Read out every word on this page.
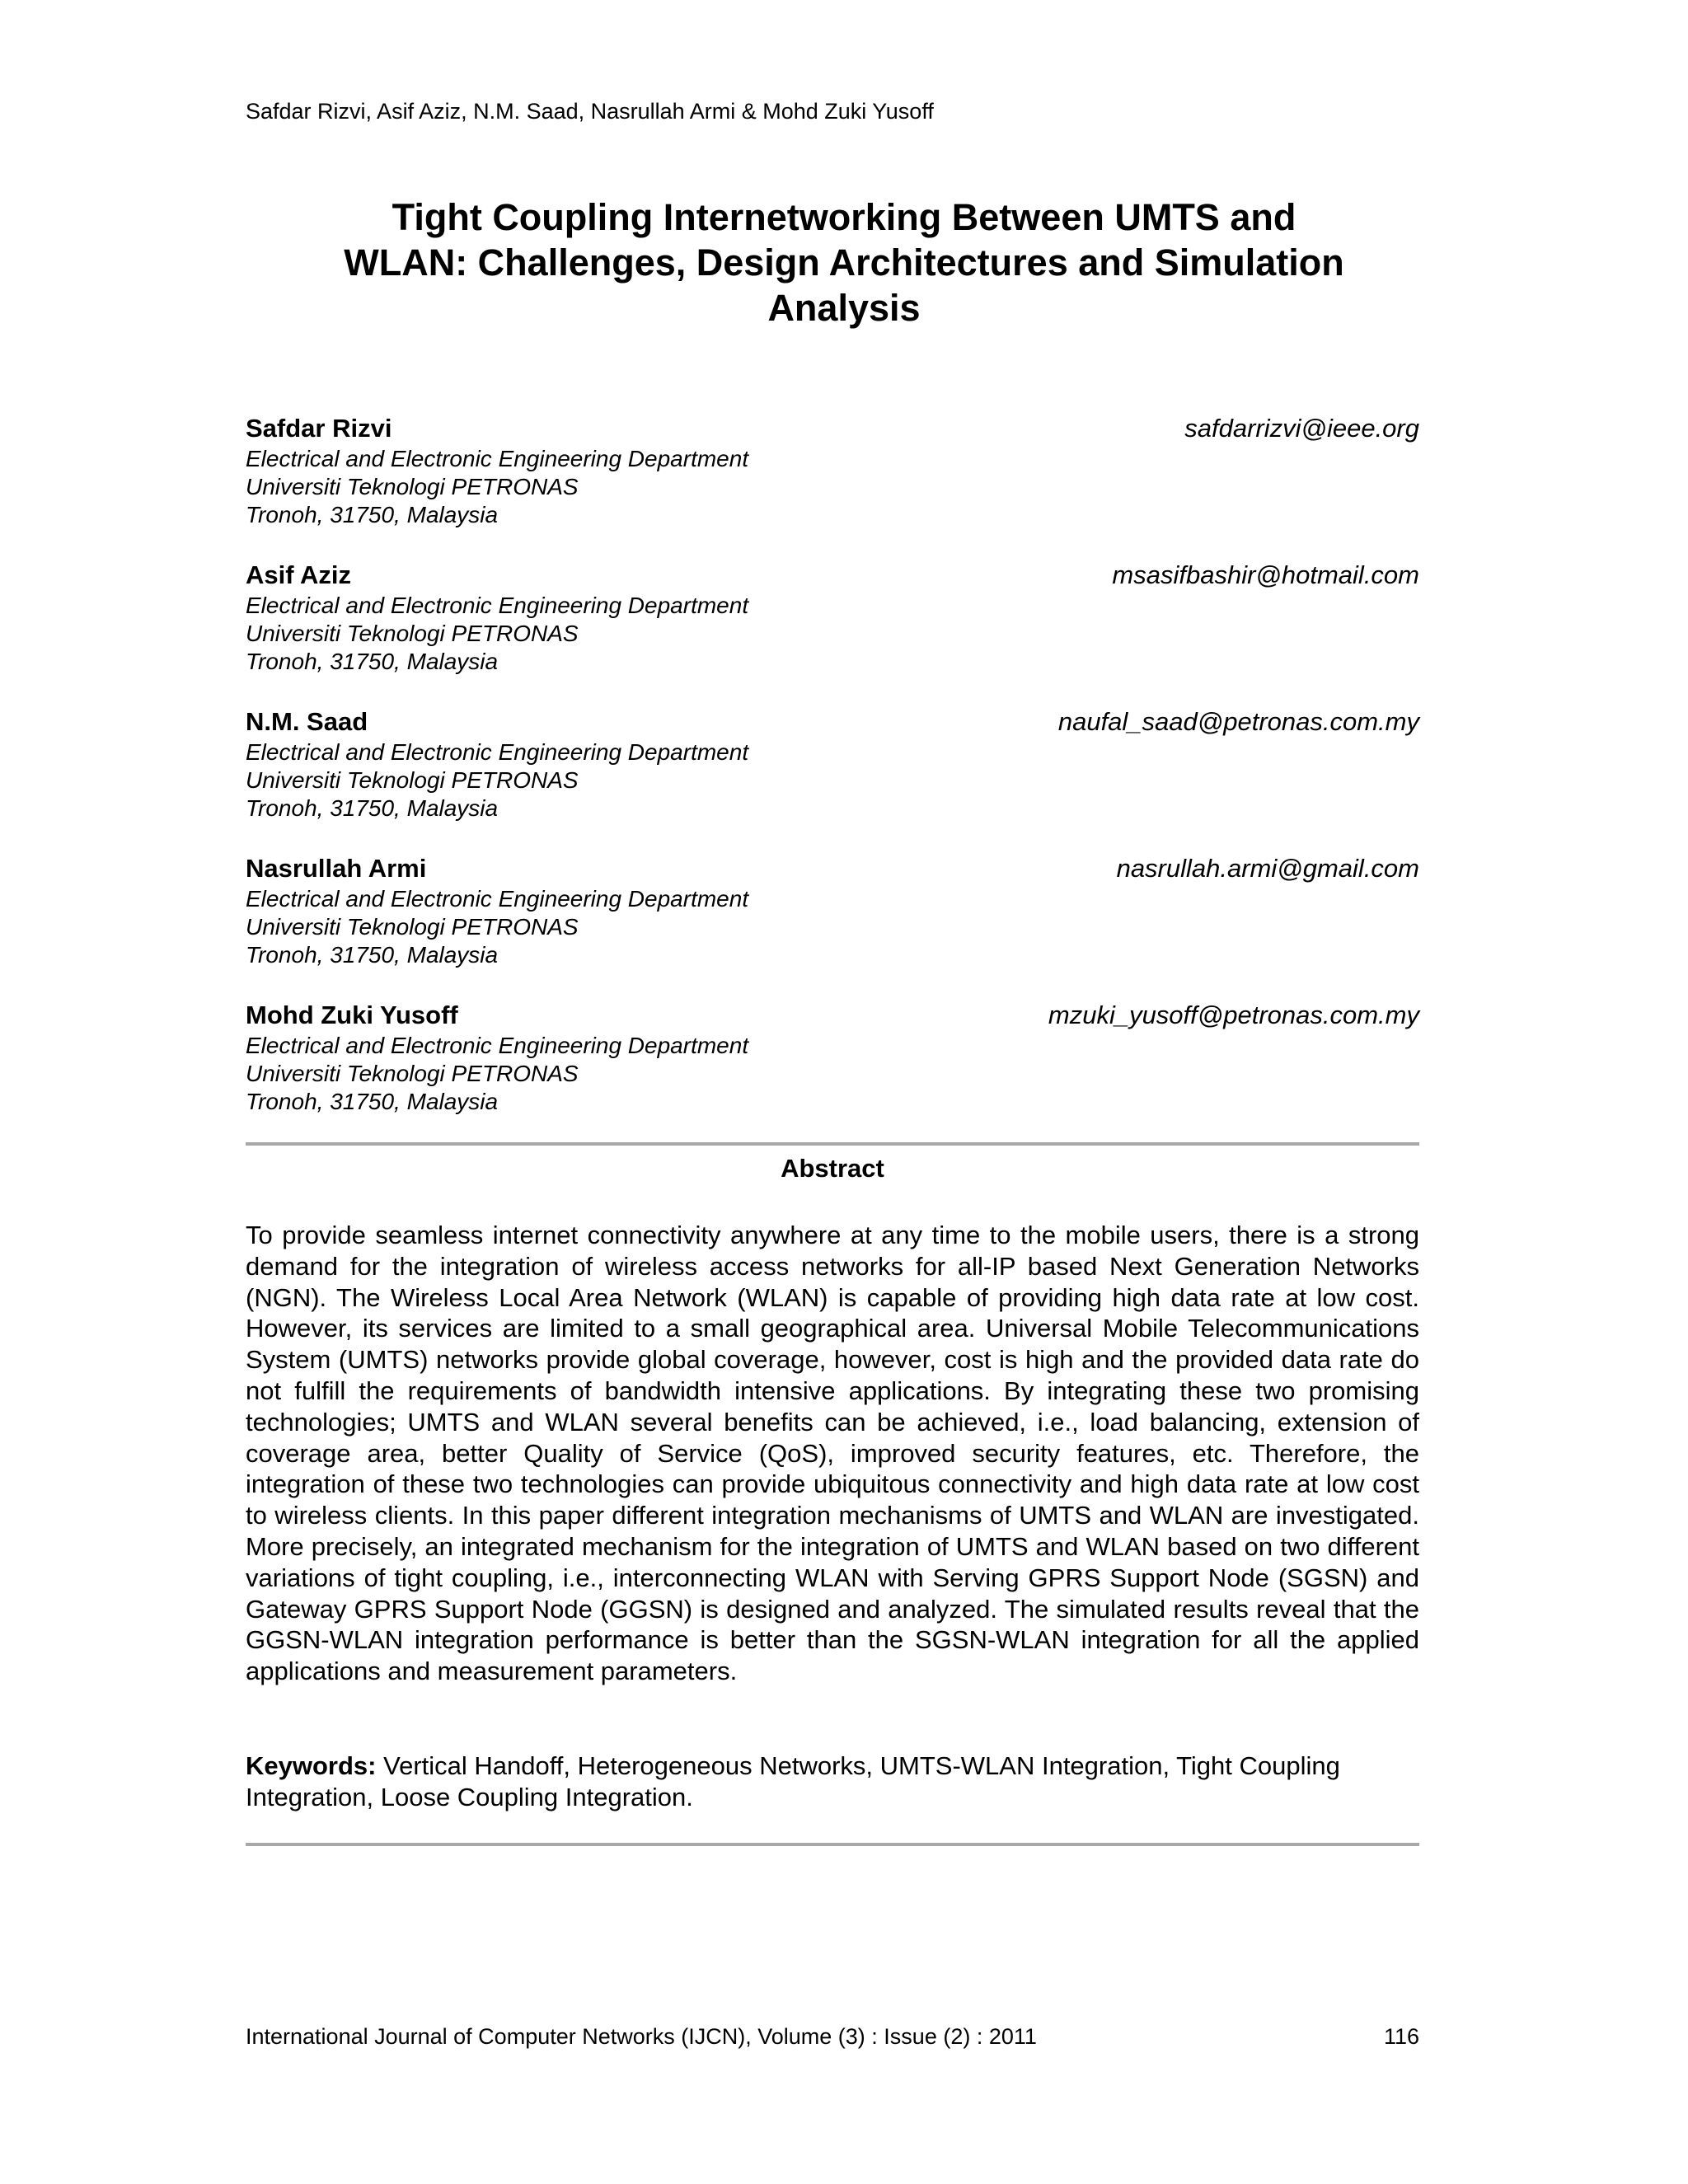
Safdar Rizvi, Asif Aziz, N.M. Saad, Nasrullah Armi & Mohd Zuki Yusoff
Tight Coupling Internetworking Between UMTS and
WLAN: Challenges, Design Architectures and Simulation
Analysis
Safdar Rizvi	safdarrizvi@ieee.org
Electrical and Electronic Engineering Department
Universiti Teknologi PETRONAS
Tronoh, 31750, Malaysia
Asif Aziz	msasifbashir@hotmail.com
Electrical and Electronic Engineering Department
Universiti Teknologi PETRONAS
Tronoh, 31750, Malaysia
N.M. Saad	naufal_saad@petronas.com.my
Electrical and Electronic Engineering Department
Universiti Teknologi PETRONAS
Tronoh, 31750, Malaysia
Nasrullah Armi	nasrullah.armi@gmail.com
Electrical and Electronic Engineering Department
Universiti Teknologi PETRONAS
Tronoh, 31750, Malaysia
Mohd Zuki Yusoff	mzuki_yusoff@petronas.com.my
Electrical and Electronic Engineering Department
Universiti Teknologi PETRONAS
Tronoh, 31750, Malaysia
Abstract
To provide seamless internet connectivity anywhere at any time to the mobile users, there is a strong demand for the integration of wireless access networks for all-IP based Next Generation Networks (NGN). The Wireless Local Area Network (WLAN) is capable of providing high data rate at low cost. However, its services are limited to a small geographical area. Universal Mobile Telecommunications System (UMTS) networks provide global coverage, however, cost is high and the provided data rate do not fulfill the requirements of bandwidth intensive applications. By integrating these two promising technologies; UMTS and WLAN several benefits can be achieved, i.e., load balancing, extension of coverage area, better Quality of Service (QoS), improved security features, etc. Therefore, the integration of these two technologies can provide ubiquitous connectivity and high data rate at low cost to wireless clients. In this paper different integration mechanisms of UMTS and WLAN are investigated. More precisely, an integrated mechanism for the integration of UMTS and WLAN based on two different variations of tight coupling, i.e., interconnecting WLAN with Serving GPRS Support Node (SGSN) and Gateway GPRS Support Node (GGSN) is designed and analyzed. The simulated results reveal that the GGSN-WLAN integration performance is better than the SGSN-WLAN integration for all the applied applications and measurement parameters.
Keywords: Vertical Handoff, Heterogeneous Networks, UMTS-WLAN Integration, Tight Coupling Integration, Loose Coupling Integration.
International Journal of Computer Networks (IJCN), Volume (3) : Issue (2) : 2011	116
